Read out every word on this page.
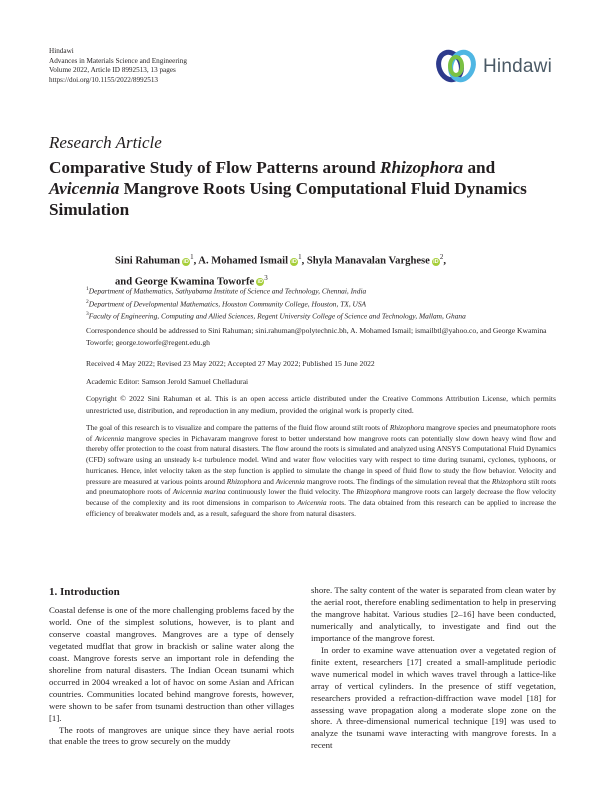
Hindawi
Advances in Materials Science and Engineering
Volume 2022, Article ID 8992513, 13 pages
https://doi.org/10.1155/2022/8992513
Hindawi
Research Article
Comparative Study of Flow Patterns around Rhizophora and Avicennia Mangrove Roots Using Computational Fluid Dynamics Simulation
Sini Rahuman $iD^1$, A. Mohamed Ismail $iD^1$, Shyla Manavalan Varghese $iD^2$,
and George Kwamina Toworfe $iD^3$
$^1$Department of Mathematics, Sathyabama Institute of Science and Technology, Chennai, India
$^2$Department of Developmental Mathematics, Houston Community College, Houston, TX, USA
$^3$Faculty of Engineering, Computing and Allied Sciences, Regent University College of Science and Technology, Mallam, Ghana
Correspondence should be addressed to Sini Rahuman; sini.rahuman@polytechnic.bh, A. Mohamed Ismail; ismailbtl@yahoo.co, and George Kwamina Toworfe; george.toworfe@regent.edu.gh
Received 4 May 2022; Revised 23 May 2022; Accepted 27 May 2022; Published 15 June 2022
Academic Editor: Samson Jerold Samuel Chelladurai
Copyright © 2022 Sini Rahuman et al. This is an open access article distributed under the Creative Commons Attribution License, which permits unrestricted use, distribution, and reproduction in any medium, provided the original work is properly cited.
The goal of this research is to visualize and compare the patterns of the fluid flow around stilt roots of Rhizophora mangrove species and pneumatophore roots of Avicennia mangrove species in Pichavaram mangrove forest to better understand how mangrove roots can potentially slow down heavy wind flow and thereby offer protection to the coast from natural disasters. The flow around the roots is simulated and analyzed using ANSYS Computational Fluid Dynamics (CFD) software using an unsteady k-ε turbulence model. Wind and water flow velocities vary with respect to time during tsunami, cyclones, typhoons, or hurricanes. Hence, inlet velocity taken as the step function is applied to simulate the change in speed of fluid flow to study the flow behavior. Velocity and pressure are measured at various points around Rhizophora and Avicennia mangrove roots. The findings of the simulation reveal that the Rhizophora stilt roots and pneumatophore roots of Avicennia marina continuously lower the fluid velocity. The Rhizophora mangrove roots can largely decrease the flow velocity because of the complexity and its root dimensions in comparison to Avicennia roots. The data obtained from this research can be applied to increase the efficiency of breakwater models and, as a result, safeguard the shore from natural disasters.
1. Introduction

Coastal defense is one of the more challenging problems faced by the world. One of the simplest solutions, however, is to plant and conserve coastal mangroves. Mangroves are a type of densely vegetated mudflat that grow in brackish or saline water along the coast. Mangrove forests serve an important role in defending the shoreline from natural disasters. The Indian Ocean tsunami which occurred in 2004 wreaked a lot of havoc on some Asian and African countries. Communities located behind mangrove forests, however, were shown to be safer from tsunami destruction than other villages [1].

The roots of mangroves are unique since they have aerial roots that enable the trees to grow securely on the muddy

shore. The salty content of the water is separated from clean water by the aerial root, therefore enabling sedimentation to help in preserving the mangrove habitat. Various studies [2–16] have been conducted, numerically and analytically, to investigate and find out the importance of the mangrove forest.

In order to examine wave attenuation over a vegetated region of finite extent, researchers [17] created a small-amplitude periodic wave numerical model in which waves travel through a lattice-like array of vertical cylinders. In the presence of stiff vegetation, researchers provided a refraction-diffraction wave model [18] for assessing wave propagation along a moderate slope zone on the shore. A three-dimensional numerical technique [19] was used to analyze the tsunami wave interacting with mangrove forests. In a recent
